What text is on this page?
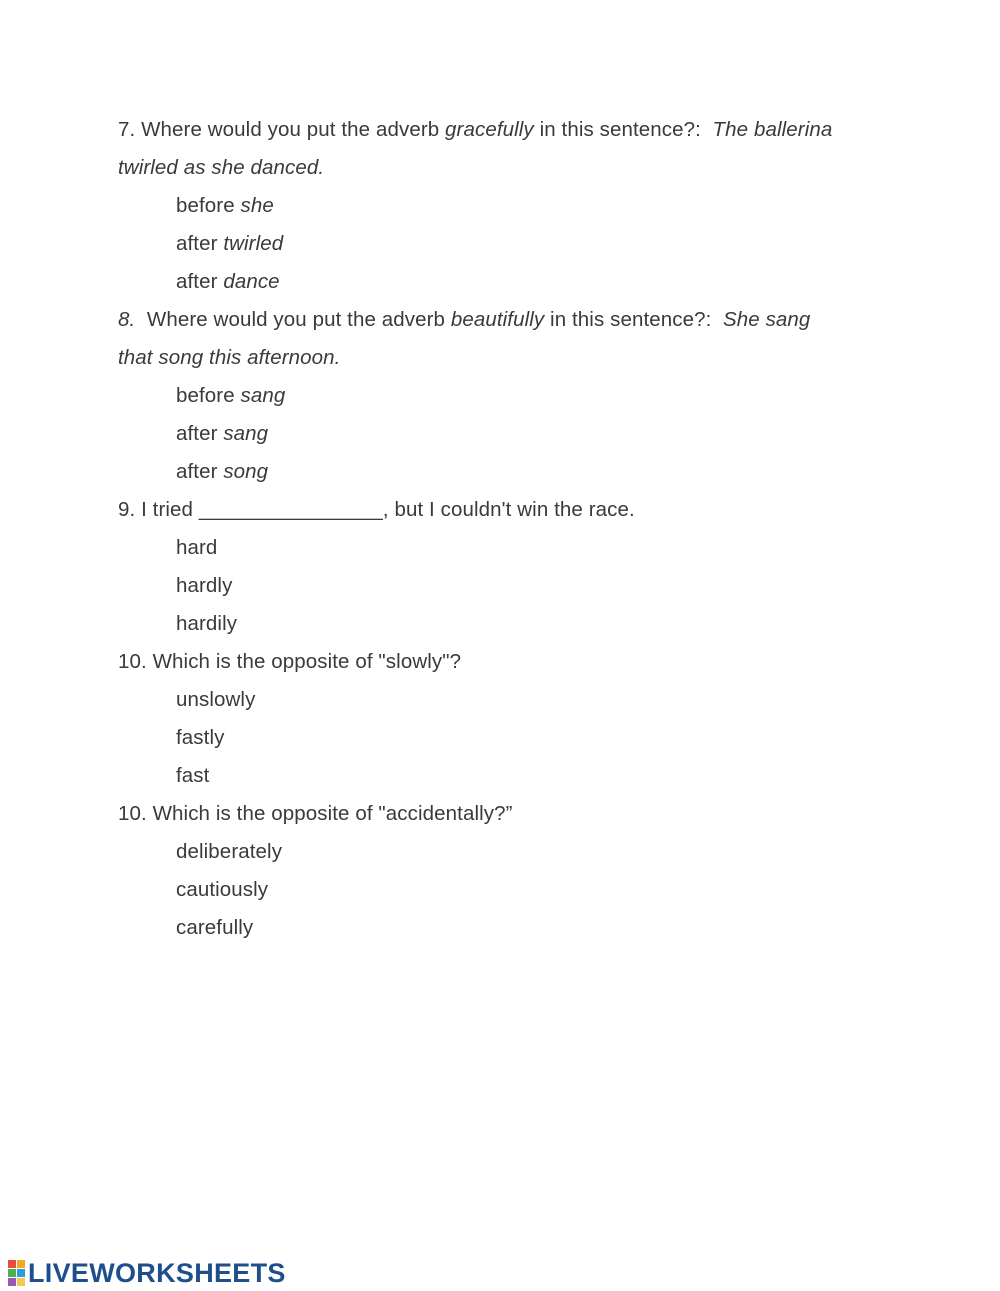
7. Where would you put the adverb gracefully in this sentence?:  The ballerina
twirled as she danced.
before she
after twirled
after dance
8.  Where would you put the adverb beautifully in this sentence?:  She sang
that song this afternoon.
before sang
after sang
after song
9. I tried ________________, but I couldn't win the race.
hard
hardly
hardily
10. Which is the opposite of "slowly"?
unslowly
fastly
fast
10. Which is the opposite of "accidentally?”
deliberately
cautiously
carefully
LIVEWORKSHEETS
